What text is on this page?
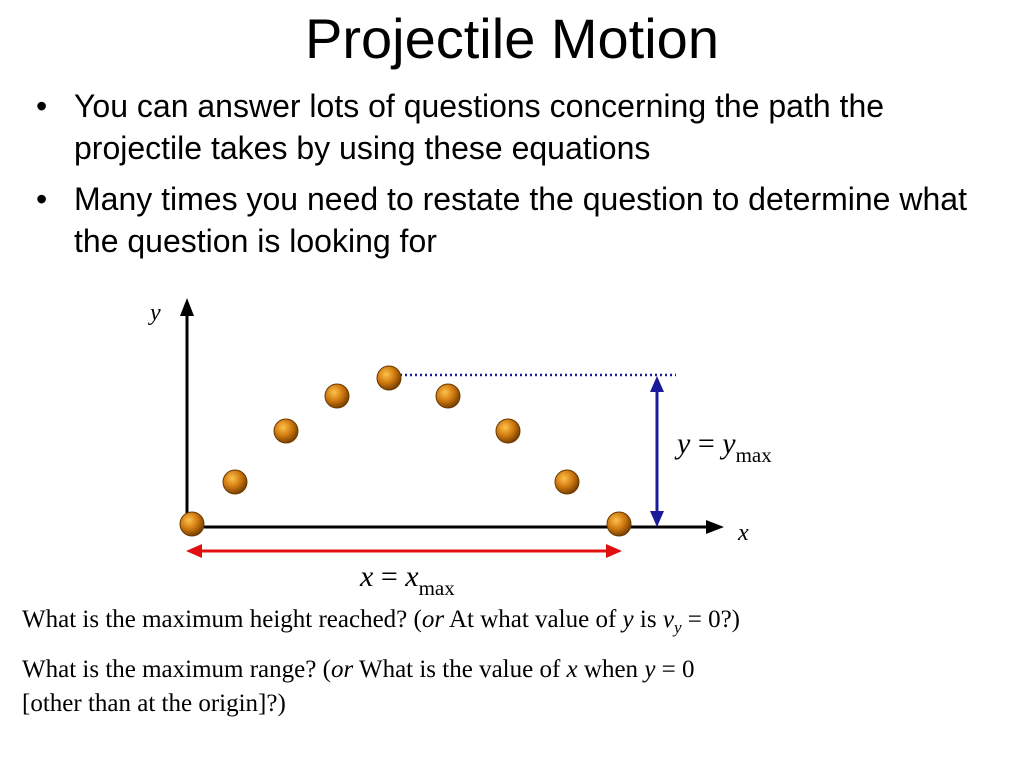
Projectile Motion
• You can answer lots of questions concerning the path the projectile takes by using these equations
• Many times you need to restate the question to determine what the question is looking for
y
x
$y = y_{max}$
$x = x_{max}$
What is the maximum height reached? (or At what value of y is $v_y$ = 0?)
What is the maximum range? (or What is the value of x when y = 0
[other than at the origin]?)
